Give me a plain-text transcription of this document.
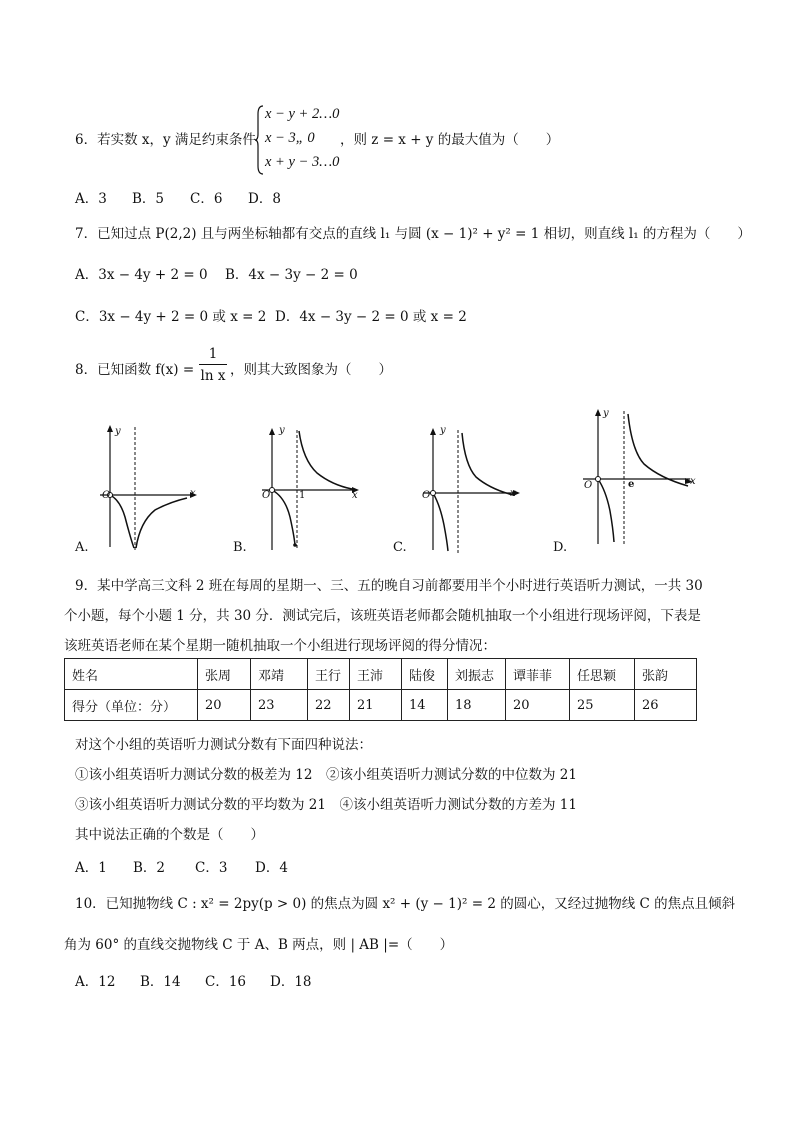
6．若实数 x，y 满足约束条件
x − y + 2…0
x − 3„ 0
x + y − 3…0
，则 z = x + y 的最大值为（　　）
A．3 B．5 C．6 D．8
7．已知过点 P(2,2) 且与两坐标轴都有交点的直线 l₁ 与圆 (x − 1)² + y² = 1 相切，则直线 l₁ 的方程为（　　）
A．3x − 4y + 2 = 0 B．4x − 3y − 2 = 0
C．3x − 4y + 2 = 0 或 x = 2 D．4x − 3y − 2 = 0 或 x = 2
8．已知函数 f(x) =
1
ln x ，则其大致图象为（　　）
y
O	x
A.
y
O	1	x
B.
y
O	x
C.
y
O	e	x
D.
9．某中学高三文科 2 班在每周的星期一、三、五的晚自习前都要用半个小时进行英语听力测试，一共 30
个小题，每个小题 1 分，共 30 分．测试完后，该班英语老师都会随机抽取一个小组进行现场评阅，下表是
该班英语老师在某个星期一随机抽取一个小组进行现场评阅的得分情况：
姓名	张周	邓靖	王行	王沛	陆俊	刘振志	谭菲菲	任思颖	张韵
得分（单位：分）	20	23	22	21	14	18	20	25	26
对这个小组的英语听力测试分数有下面四种说法：
①该小组英语听力测试分数的极差为 12　②该小组英语听力测试分数的中位数为 21
③该小组英语听力测试分数的平均数为 21　④该小组英语听力测试分数的方差为 11
其中说法正确的个数是（　　）
A．1 B．2 C．3 D．4
10．已知抛物线 C : x² = 2py(p > 0) 的焦点为圆 x² + (y − 1)² = 2 的圆心，又经过抛物线 C 的焦点且倾斜
角为 60° 的直线交抛物线 C 于 A、B 两点，则 | AB |=（　　）
A．12 B．14 C．16 D．18
